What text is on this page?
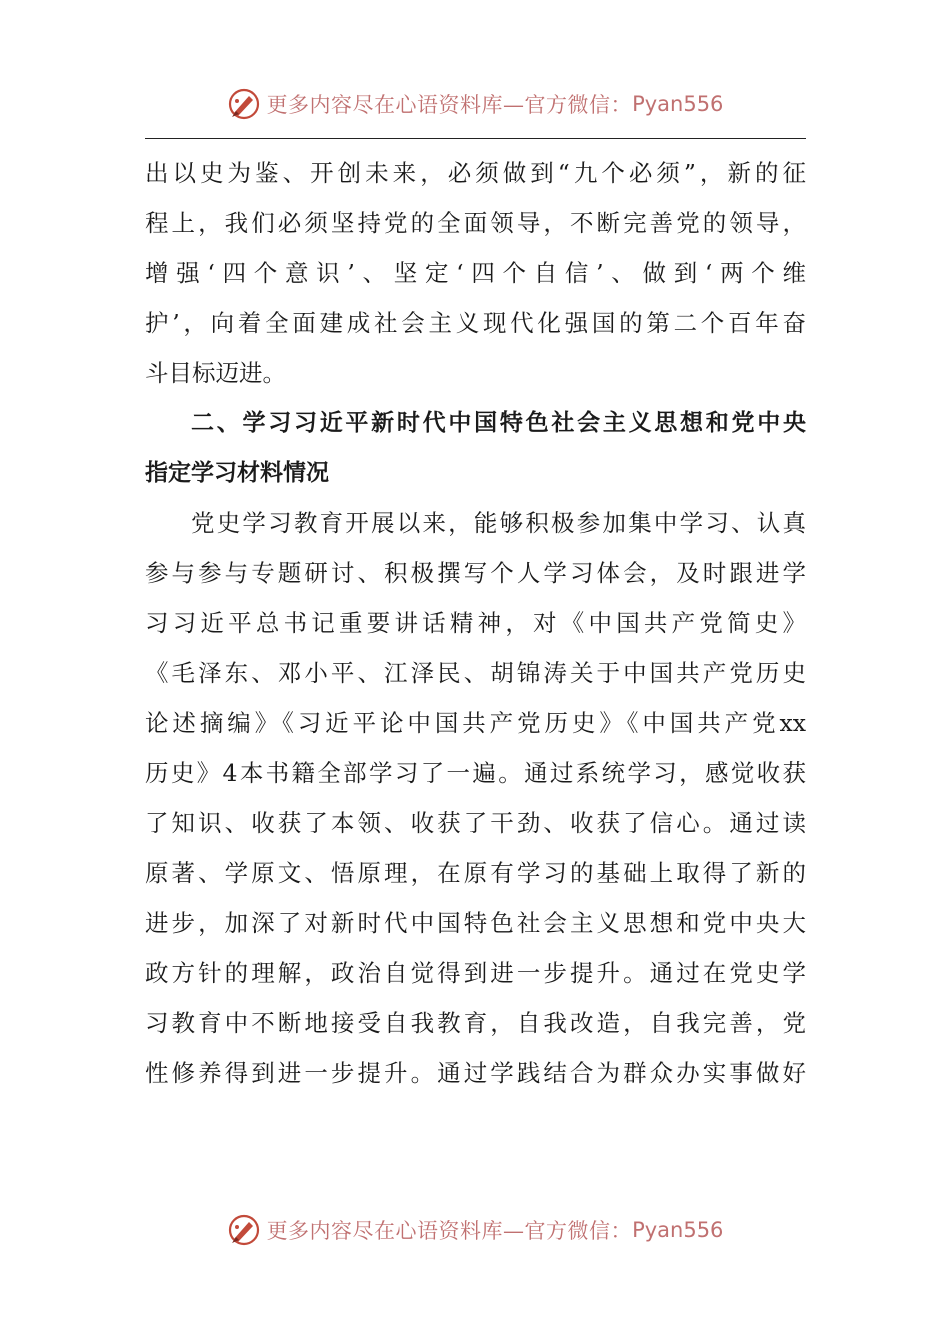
更多内容尽在心语资料库—官方微信： Pyan556
出以史为鉴、开创未来，必须做到“九个必须”，新的征
程上，我们必须坚持党的全面领导，不断完善党的领导，
增强‘四个意识’、坚定‘四个自信’、做到‘两个维
护’，向着全面建成社会主义现代化强国的第二个百年奋
斗目标迈进。
二、学习习近平新时代中国特色社会主义思想和党中央
指定学习材料情况
党史学习教育开展以来，能够积极参加集中学习、认真
参与参与专题研讨、积极撰写个人学习体会，及时跟进学
习习近平总书记重要讲话精神，对《中国共产党简史》
《毛泽东、邓小平、江泽民、胡锦涛关于中国共产党历史
论述摘编》《习近平论中国共产党历史》《中国共产党xx
历史》4本书籍全部学习了一遍。通过系统学习，感觉收获
了知识、收获了本领、收获了干劲、收获了信心。通过读
原著、学原文、悟原理，在原有学习的基础上取得了新的
进步，加深了对新时代中国特色社会主义思想和党中央大
政方针的理解，政治自觉得到进一步提升。通过在党史学
习教育中不断地接受自我教育，自我改造，自我完善，党
性修养得到进一步提升。通过学践结合为群众办实事做好
更多内容尽在心语资料库—官方微信： Pyan556
